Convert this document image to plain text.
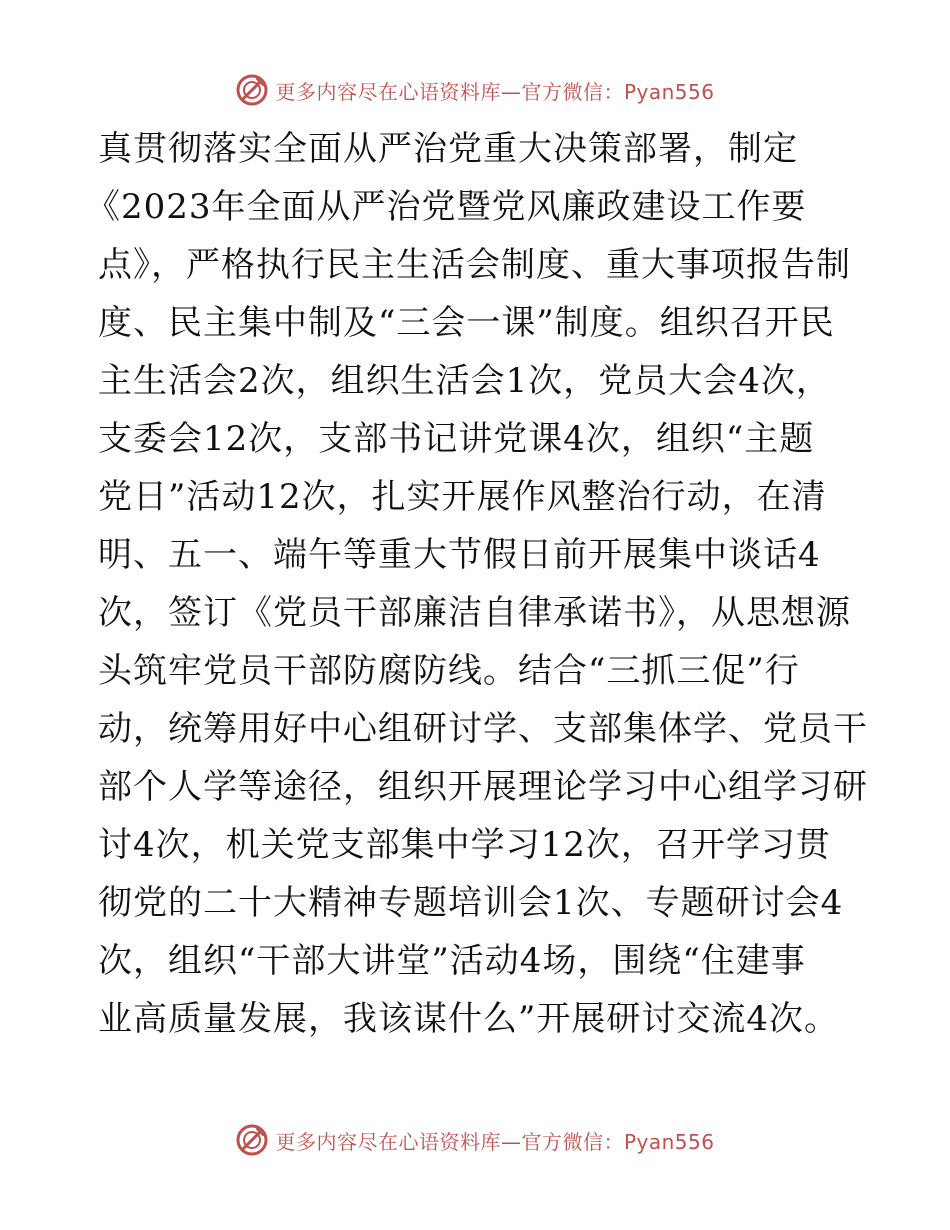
更多内容尽在心语资料库—官方微信：Pyan556
真贯彻落实全面从严治党重大决策部署，制定
《2023年全面从严治党暨党风廉政建设工作要
点》，严格执行民主生活会制度、重大事项报告制
度、民主集中制及“三会一课”制度。组织召开民
主生活会2次，组织生活会1次，党员大会4次，
支委会12次，支部书记讲党课4次，组织“主题
党日”活动12次，扎实开展作风整治行动，在清
明、五一、端午等重大节假日前开展集中谈话4
次，签订《党员干部廉洁自律承诺书》，从思想源
头筑牢党员干部防腐防线。结合“三抓三促”行
动，统筹用好中心组研讨学、支部集体学、党员干
部个人学等途径，组织开展理论学习中心组学习研
讨4次，机关党支部集中学习12次，召开学习贯
彻党的二十大精神专题培训会1次、专题研讨会4
次，组织“干部大讲堂”活动4场，围绕“住建事
业高质量发展，我该谋什么”开展研讨交流4次。
更多内容尽在心语资料库—官方微信：Pyan556
